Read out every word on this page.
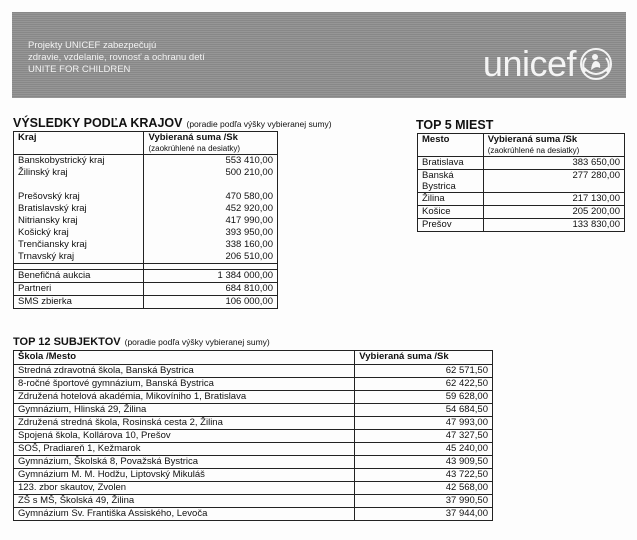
Projekty UNICEF zabezpečujú
zdravie, vzdelanie, rovnosť a ochranu detí
UNITE FOR CHILDREN	unicef
VÝSLEDKY PODĽA KRAJOV (poradie podľa výšky vybieranej sumy)
Kraj	Vybieraná suma /Sk
(zaokrúhlené na desiatky)

Banskobystrický kraj	553 410,00
Žilinský kraj	500 210,00

Prešovský kraj	470 580,00
Bratislavský kraj	452 920,00
Nitriansky kraj	417 990,00
Košický kraj	393 950,00
Trenčiansky kraj	338 160,00
Trnavský kraj	206 510,00

Benefičná aukcia	1 384 000,00
Partneri	684 810,00
SMS zbierka	106 000,00
TOP 5 MIEST
Mesto	Vybieraná suma /Sk
(zaokrúhlené na desiatky)

Bratislava	383 650,00
Banská
Bystrica	277 280,00
Žilina	217 130,00
Košice	205 200,00
Prešov	133 830,00
TOP 12 SUBJEKTOV (poradie podľa výšky vybieranej sumy)
Škola /Mesto	Vybieraná suma /Sk
Stredná zdravotná škola, Banská Bystrica	62 571,50
8-ročné športové gymnázium, Banská Bystrica	62 422,50
Združená hotelová akadémia, Mikovíniho 1, Bratislava	59 628,00
Gymnázium, Hlinská 29, Žilina	54 684,50
Združená stredná škola, Rosinská cesta 2, Žilina	47 993,00
Spojená škola, Kollárova 10, Prešov	47 327,50
SOŠ, Pradiareň 1, Kežmarok	45 240,00
Gymnázium, Školská 8, Považská Bystrica	43 909,50
Gymnázium M. M. Hodžu, Liptovský Mikuláš	43 722,50
123. zbor skautov, Zvolen	42 568,00
ZŠ s MŠ, Školská 49, Žilina	37 990,50
Gymnázium Sv. Františka Assiského, Levoča	37 944,00
